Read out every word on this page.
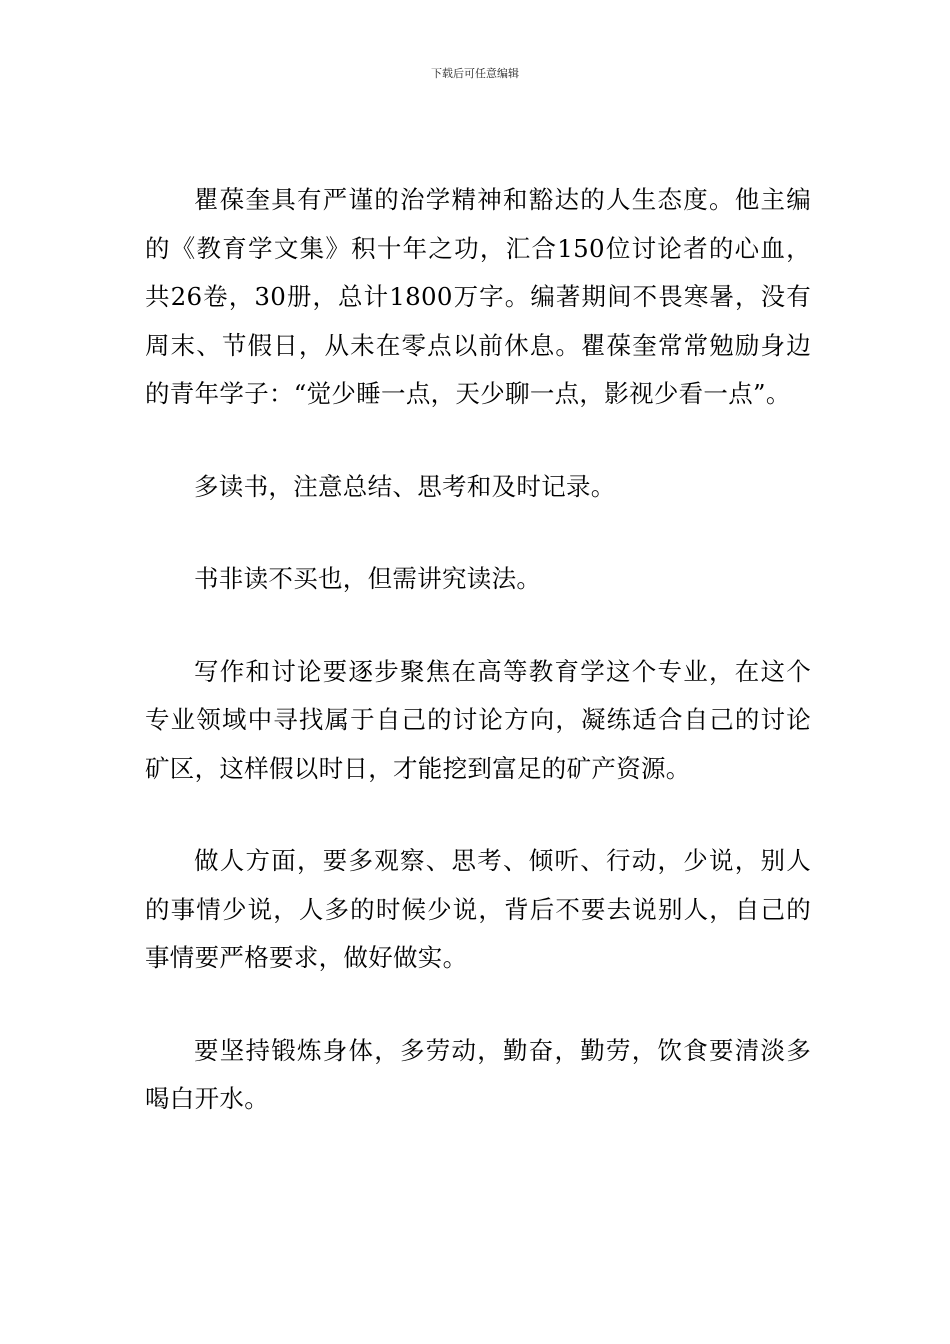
下载后可任意编辑

瞿葆奎具有严谨的治学精神和豁达的人生态度。他主编的《教育学文集》积十年之功，汇合150位讨论者的心血，共26卷，30册，总计1800万字。编著期间不畏寒暑，没有周末、节假日，从未在零点以前休息。瞿葆奎常常勉励身边的青年学子：“觉少睡一点，天少聊一点，影视少看一点”。

多读书，注意总结、思考和及时记录。

书非读不买也，但需讲究读法。

写作和讨论要逐步聚焦在高等教育学这个专业，在这个专业领域中寻找属于自己的讨论方向，凝练适合自己的讨论矿区，这样假以时日，才能挖到富足的矿产资源。

做人方面，要多观察、思考、倾听、行动，少说，别人的事情少说，人多的时候少说，背后不要去说别人，自己的事情要严格要求，做好做实。

要坚持锻炼身体，多劳动，勤奋，勤劳，饮食要清淡多喝白开水。
